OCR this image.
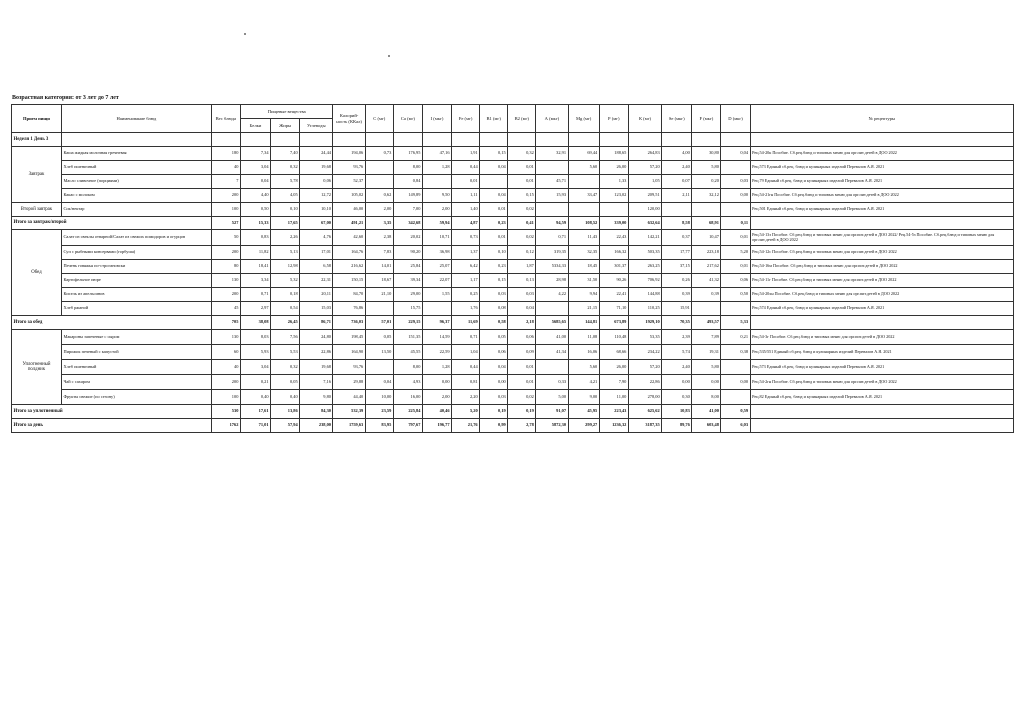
Возрастная категория: от 3 лет до 7 лет
Прием пищи	Наименование блюд	Вес блюда	Пищевые вещества			Калорий-ность (ККал)	С (мг)	Са (мг)	I (мкг)	Fe (мг)	В1 (мг)	В2 (мг)	А (мкг)	Mg (мг)	Р (мг)	К (мг)	Se (мкг)	F (мкг)	D (мкг)	№ рецептуры
			Белки	Жиры	Углеводы															
Неделя 1 День 3																				
Завтрак	Каша жидкая молочная гречневая	180	7,34	7,40	24,44	194,06	0,73	176,95	47,16	1,91	0,15	0,32	32,91	69,44	188,65	264,83	4,00	30,80	0,04	Рец.54-20к Пособие. Сб.рец.блюд и типовых меню для орг.пит.детей в ДОО 2022
	Хлеб пшеничный	40	3,04	0,32	19,68	93,76		8,00	1,28	0,44	0,04	0,01		5,60	26,00	57,20	2,40	5,80		Рец.573 Единый сб.рец. блюд и кулинарных изделий Перевалов А.Я. 2021
	Масло сливочное (порциями)	7	0,04	5,78	0,06	52,37		0,84		0,01		0,01	45,71		1,33	1,05	0,07	0,20	0,03	Рец.79 Единый сб.рец. блюд и кулинарных изделий Перевалов А.Я. 2021
	Какао с молоком	200	4,40	4,05	12,72	105,02	0,62	149,89	9,50	1,11	0,04	0,15	15,93	33,47	123,02	209,51	2,11	32,12	0,00	Рец.54-21гн Пособие. Сб.рец.блюд и типовых меню для орг.пит.детей в ДОО 2022
Второй завтрак	Сок/нектар	100	0,50	0,10	10,10	46,00	2,00	7,00	2,00	1,40	0,01	0,02				120,00				Рец.501 Единый сб.рец. блюд и кулинарных изделий Перевалов А.Я. 2021
Итого за завтрак/второй		527	15,33	17,65	67,00	491,21	3,35	342,68	59,94	4,87	0,23	0,41	94,59	108,52	339,00	632,64	8,58	68,91	0,11	
Обед	Салат из свеклы отварной/Салат из свежих помидоров и огурцов	50	0,83	2,26	4,76	42,60	2,38	20,02	10,71	0,73	0,01	0,02	0,71	11,43	22,43	142,21	0,37	10,47	0,01	Рец.54-13з Пособие. Сб.рец.блюд и типовых меню для орг.пит.детей в ДОО 2022/ Рец.54-5з Пособие. Сб.рец.блюд и типовых меню для орг.пит.детей в ДОО 2022
	Суп с рыбными консервами (горбуша)	200	11,82	5,13	17,01	164,76	7,83	90,20	36,98	1,37	0,10	0,12	319,35	32,35	166,32	503,35	17,77	223,18	5,20	Рец.54-12с Пособие. Сб.рец.блюд и типовых меню для орг.пит.детей в ДОО 2022
	Печень говяжья по-строгановски	80	18,41	12,98	6,58	216,62	14,01	25,84	25,07	6,42	0,23	1,87	5334,33	18,45	301,37	263,25	37,15	217,62	0,01	Рец.54-16м Пособие. Сб.рец.блюд и типовых меню для орг.пит.детей в ДОО 2022
	Картофельное пюре	130	3,34	5,32	22,31	150,15	18,67	39,34	22,07	1,17	0,15	0,13	28,98	31,50	90,26	706,92	0,26	41,32	0,06	Рец.54-11г Пособие. Сб.рец.блюд и типовых меню для орг.пит.детей в ДОО 2022
	Кисель из апельсинов	200	0,71	0,18	20,11	84,70	21,10	29,00	1,55	0,25	0,03	0,03	4,22	9,94	22,41	144,88	0,39	0,39	0,50	Рец.54-20хн Пособие. Сб.рец.блюд и типовых меню для орг.пит.детей в ДОО 2022
	Хлеб ржаной	45	2,97	0,54	15,03	76,86		15,75		1,76	0,08	0,04		21,15	71,10	110,25	15,91			Рец.574 Единый сб.рец. блюд и кулинарных изделий Перевалов А.Я. 2021
Итого за обед		705	38,08	26,45	86,71	736,03	57,01	229,15	96,37	11,69	0,58	2,18	5685,65	144,81	673,89	1929,10	70,35	493,57	5,33	
Уплотненный полдник	Макароны запеченые с сыром	130	8,03	7,56	24,80	198,45	0,05	151,35	14,59	0,71	0,05	0,06	41,00	11,08	110,48	53,35	2,39	7,89	0,21	Рец.54-3г Пособие. Сб.рец.блюд и типовых меню для орг.пит.детей в ДОО 2022
	Пирожок печеный с капустой	60	5,93	5,53	22,86	164,90	13,50	45,55	22,59	1,04	0,06	0,09	41,34	16,06	68,66	234,22	5,74	19,31	0,38	Рец.535/551 Единый сб.рец. блюд и кулинарных изделий Перевалов А.Я. 2021
	Хлеб пшеничный	40	3,04	0,32	19,68	93,76		8,00	1,28	0,44	0,04	0,01		5,60	26,00	57,20	2,40	5,80		Рец.573 Единый сб.рец. блюд и кулинарных изделий Перевалов А.Я. 2021
	Чай с сахаром	200	0,21	0,05	7,16	29,88	0,04	4,93	0,00	0,81	0,00	0,01	0,33	4,21	7,90	22,86	0,00	0,00	0,00	Рец.54-2гн Пособие. Сб.рец.блюд и типовых меню для орг.пит.детей в ДОО 2022
	Фрукты свежие (по сезону)	100	0,40	0,40	9,80	44,40	10,00	16,00	2,00	2,20	0,03	0,02	5,00	9,00	11,00	278,00	0,30	8,00		Рец.82 Единый сб.рец. блюд и кулинарных изделий Перевалов А.Я. 2021
Итого за уплотненный		530	17,61	13,86	84,30	532,39	23,59	225,84	40,46	5,20	0,19	0,19	91,07	45,95	223,43	625,62	10,83	41,00	0,59	
Итого за день		1762	71,01	57,94	238,00	1759,63	83,95	797,67	196,77	21,76	0,99	2,78	5872,30	299,27	1236,32	3187,35	89,76	603,48	6,03	
